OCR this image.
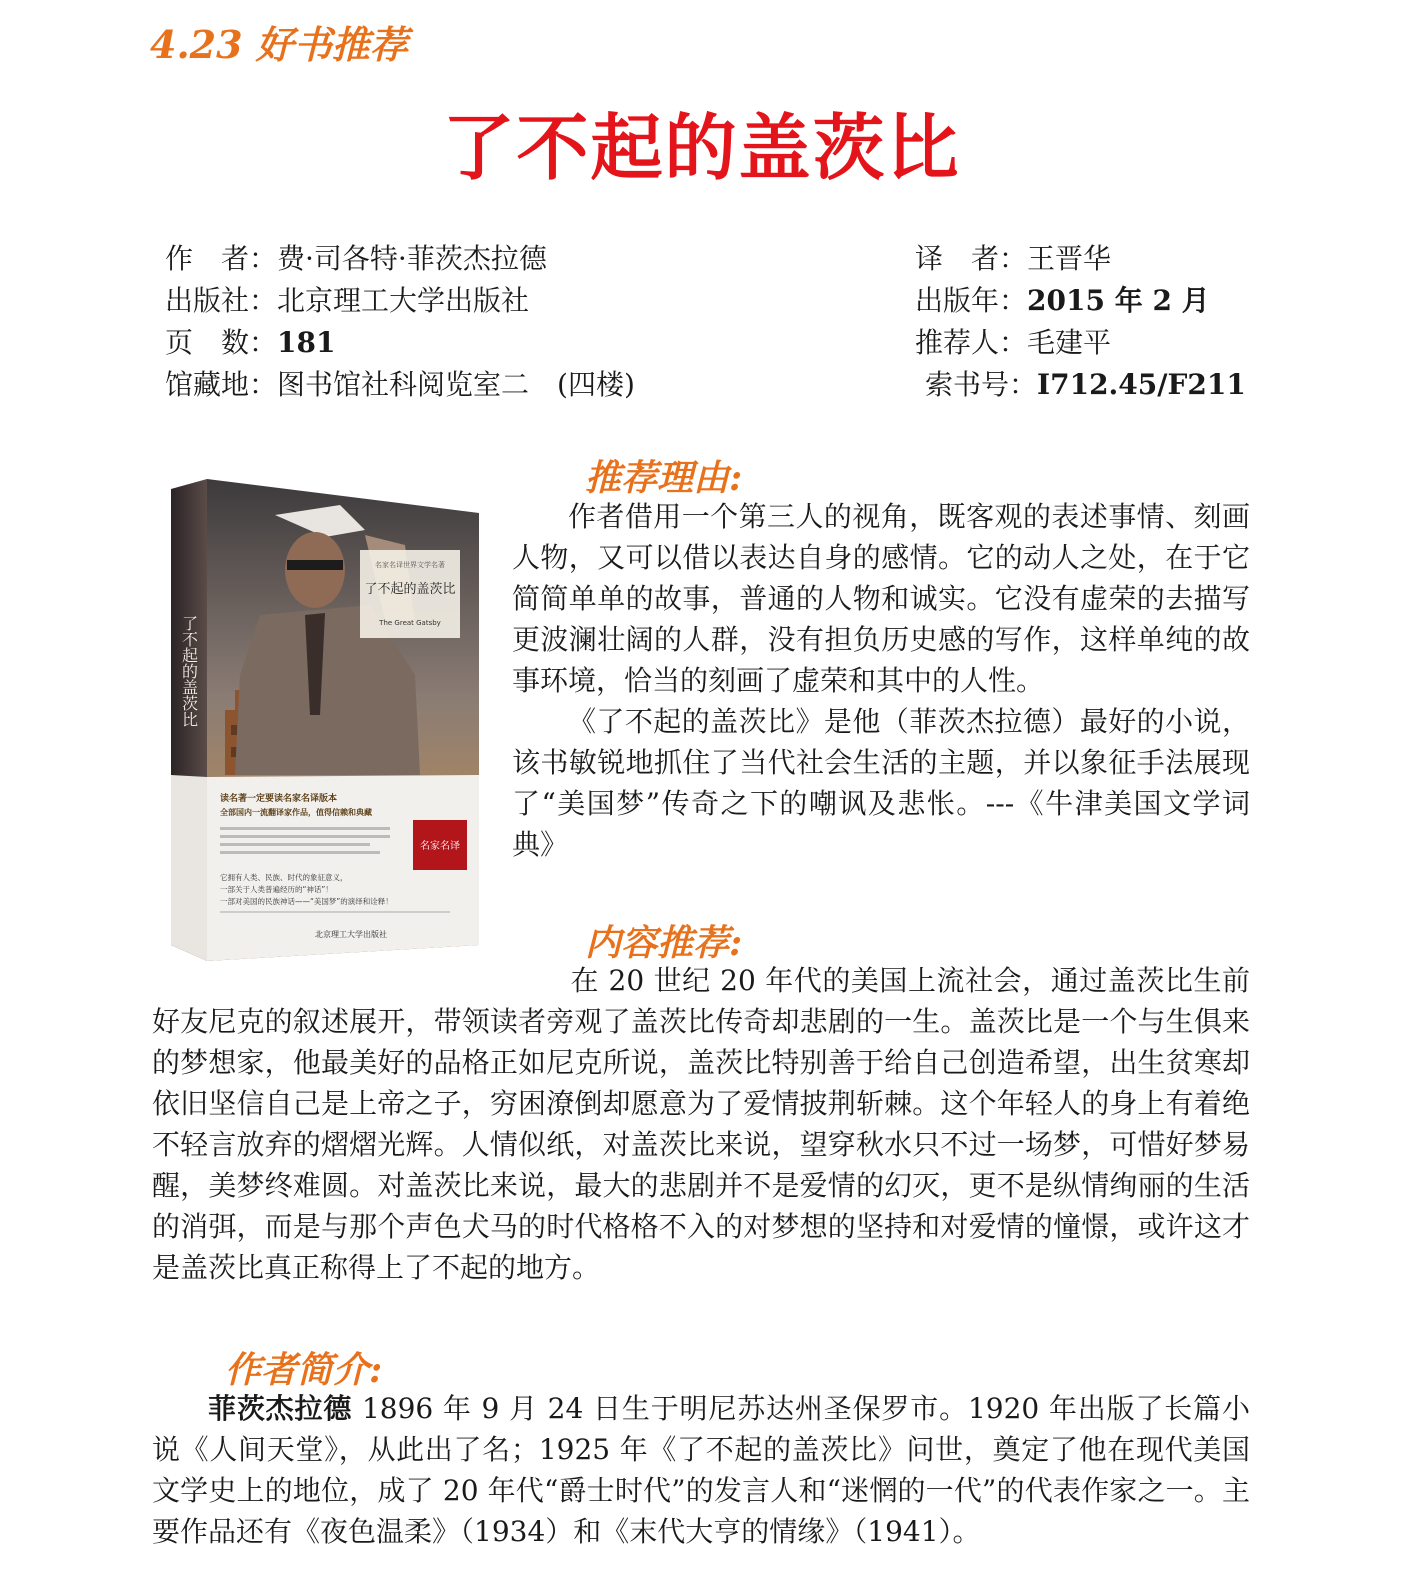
4.23 好书推荐
了不起的盖茨比
作　者：费·司各特·菲茨杰拉德
出版社：北京理工大学出版社
页　数：181
馆藏地：图书馆社科阅览室二　(四楼)
译　者：王晋华
出版年：2015 年 2 月
推荐人：毛建平
索书号：I712.45/F211
名家名译世界文学名著
了不起的盖茨比
The Great Gatsby
了不起的盖茨比
读名著一定要读名家名译版本
全部国内一流翻译家作品，值得信赖和典藏
名家名译
它拥有人类、民族、时代的象征意义，
一部关于人类普遍经历的“神话”！
一部对美国的民族神话——“美国梦”的演绎和诠释！
北京理工大学出版社
推荐理由:
作者借用一个第三人的视角，既客观的表述事情、刻画人物，又可以借以表达自身的感情。它的动人之处，在于它简简单单的故事，普通的人物和诚实。它没有虚荣的去描写更波澜壮阔的人群，没有担负历史感的写作，这样单纯的故事环境，恰当的刻画了虚荣和其中的人性。
《了不起的盖茨比》是他（菲茨杰拉德）最好的小说，该书敏锐地抓住了当代社会生活的主题，并以象征手法展现了“美国梦”传奇之下的嘲讽及悲怅。---《牛津美国文学词典》
内容推荐:
在 20 世纪 20 年代的美国上流社会，通过盖茨比生前好友尼克的叙述展开，带领读者旁观了盖茨比传奇却悲剧的一生。盖茨比是一个与生俱来的梦想家，他最美好的品格正如尼克所说，盖茨比特别善于给自己创造希望，出生贫寒却依旧坚信自己是上帝之子，穷困潦倒却愿意为了爱情披荆斩棘。这个年轻人的身上有着绝不轻言放弃的熠熠光辉。人情似纸，对盖茨比来说，望穿秋水只不过一场梦，可惜好梦易醒，美梦终难圆。对盖茨比来说，最大的悲剧并不是爱情的幻灭，更不是纵情绚丽的生活的消弭，而是与那个声色犬马的时代格格不入的对梦想的坚持和对爱情的憧憬，或许这才是盖茨比真正称得上了不起的地方。
作者简介:
菲茨杰拉德 1896 年 9 月 24 日生于明尼苏达州圣保罗市。1920 年出版了长篇小说《人间天堂》，从此出了名；1925 年《了不起的盖茨比》问世，奠定了他在现代美国文学史上的地位，成了 20 年代“爵士时代”的发言人和“迷惘的一代”的代表作家之一。主要作品还有《夜色温柔》（1934）和《末代大亨的情缘》（1941）。
